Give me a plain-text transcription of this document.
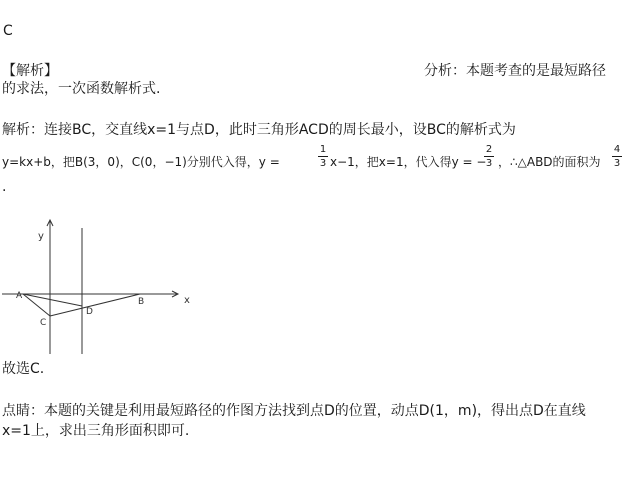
C
【解析】	分析：本题考查的是最短路径
的求法，一次函数解析式.
解析：连接BC，交直线x=1与点D，此时三角形ACD的周长最小，设BC的解析式为
y=kx+b，把B(3，0)，C(0，−1)分别代入得，y =
1
3 x−1，把x=1，代入得y = −
2
3 ，∴△ABD的面积为
4
3
.
y
x
A
B
C
D
故选C.
点睛：本题的关键是利用最短路径的作图方法找到点D的位置，动点D(1，m)，得出点D在直线
x=1上，求出三角形面积即可.
